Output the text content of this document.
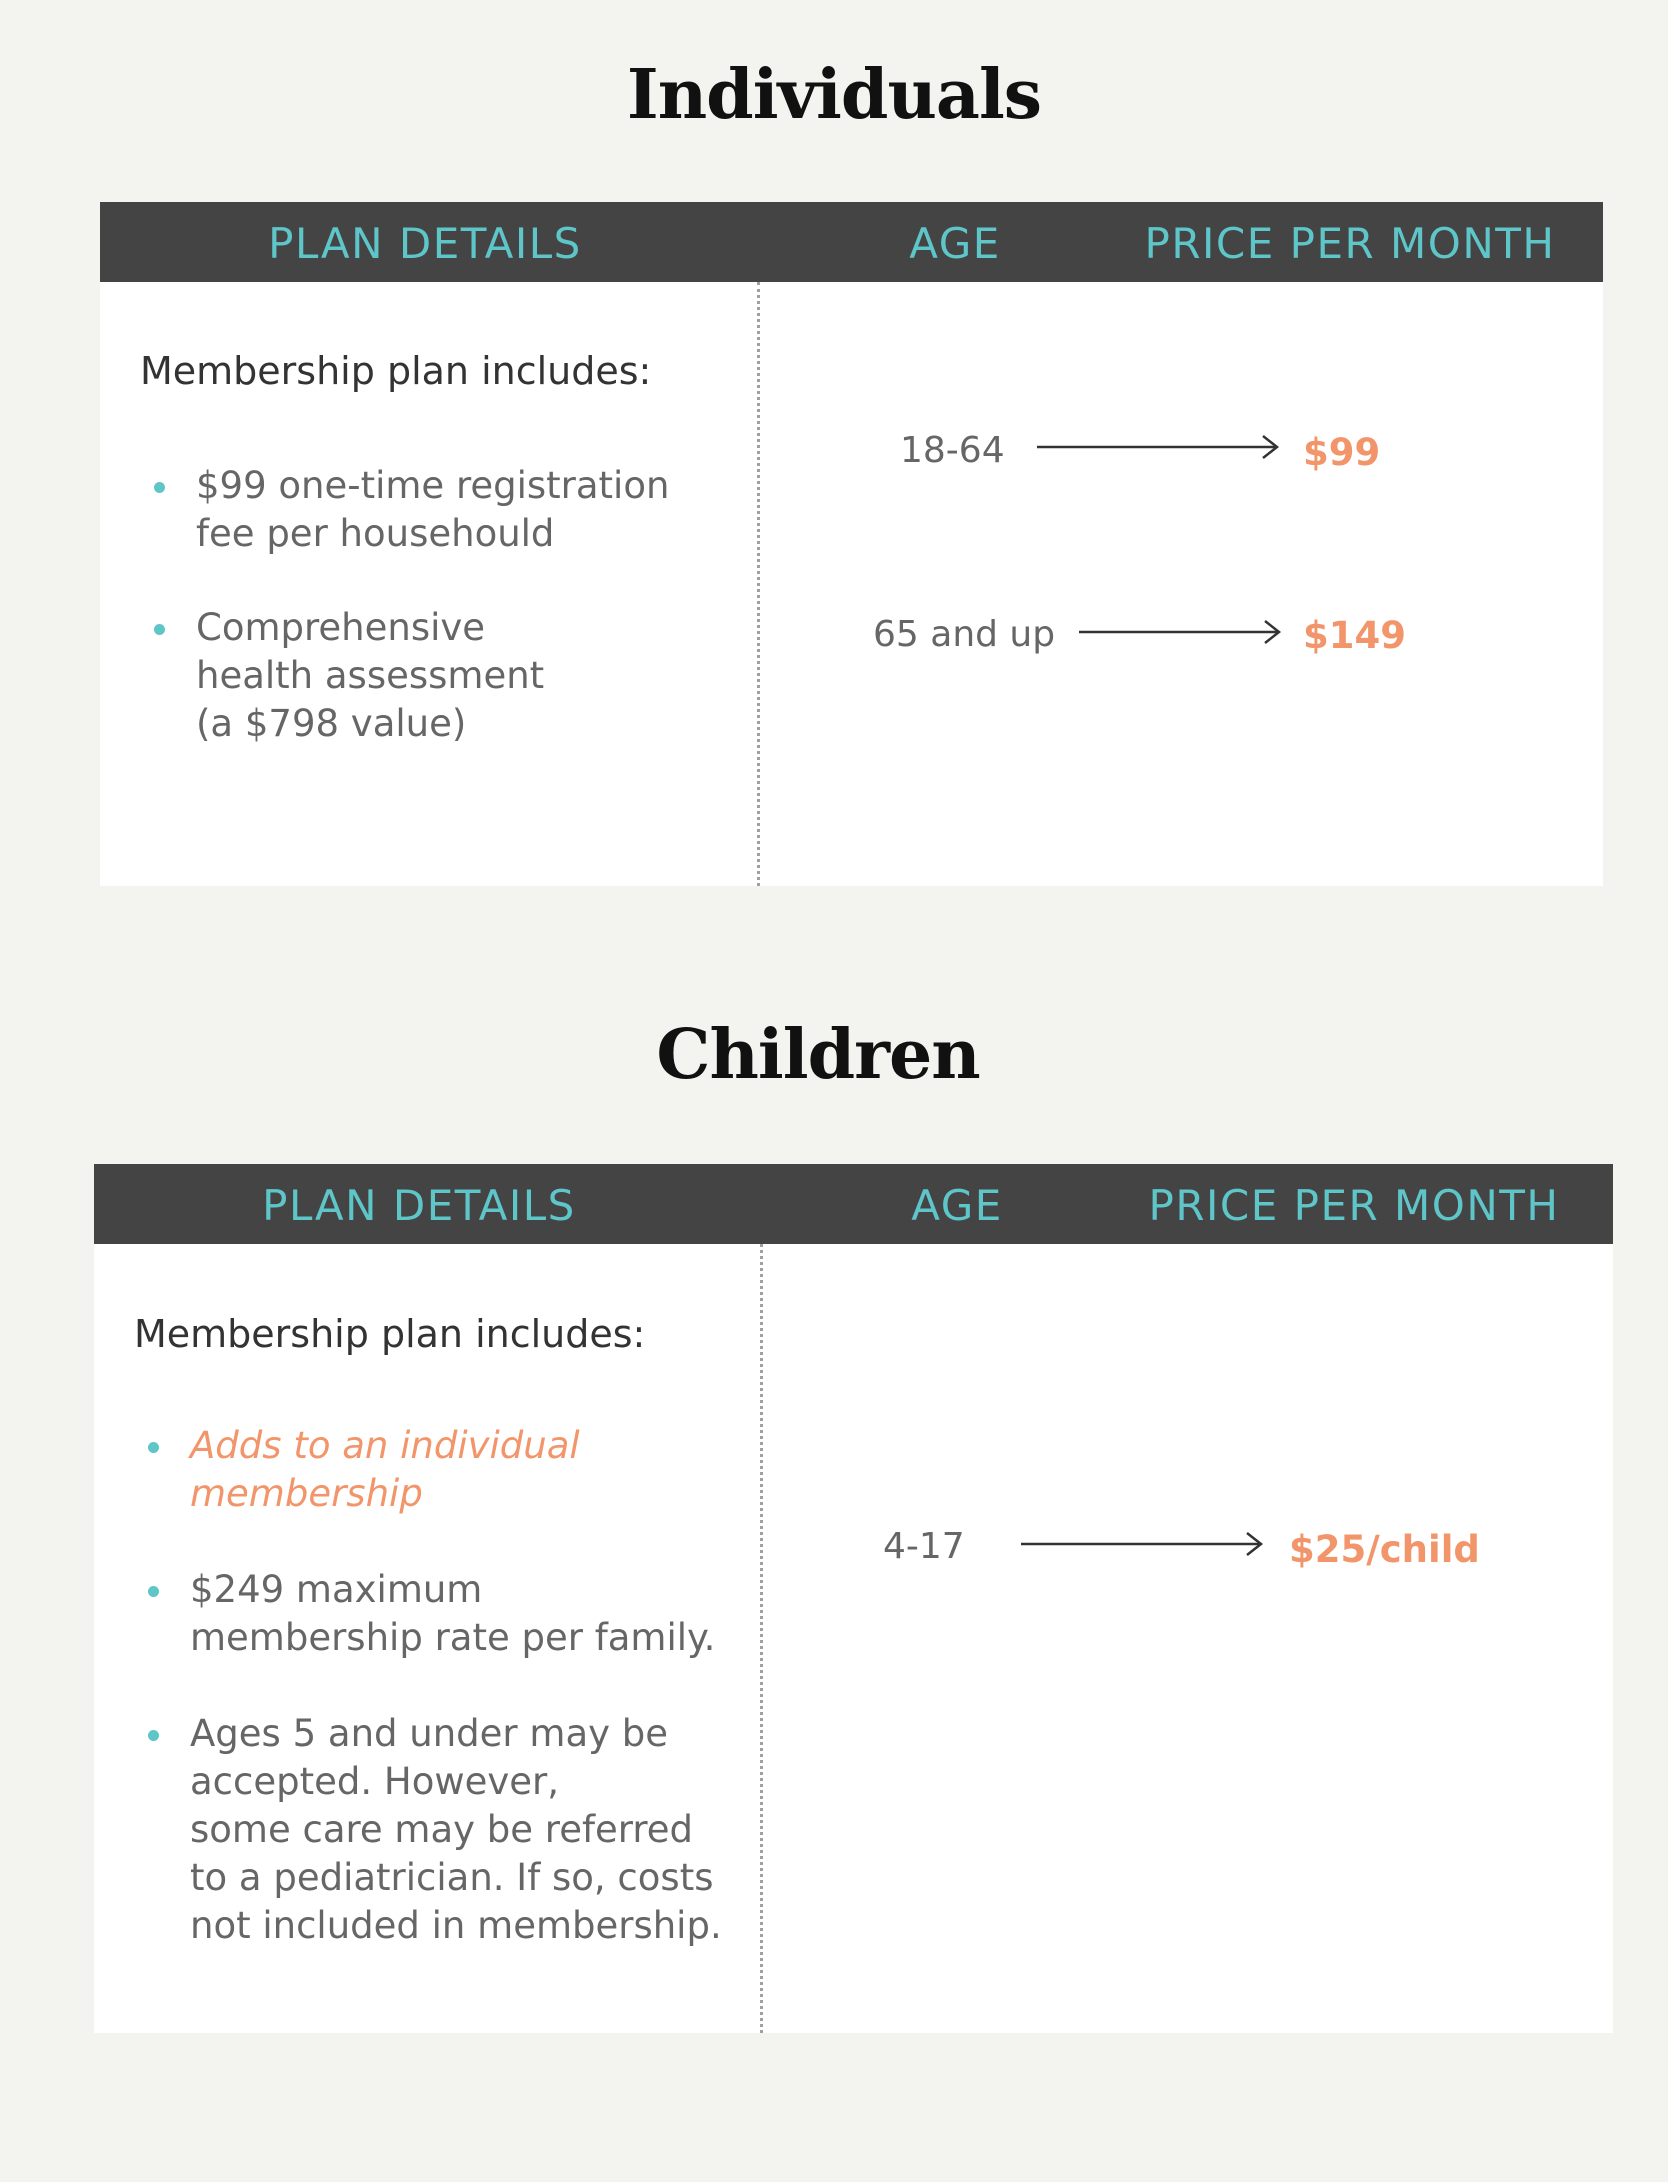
Individuals
PLAN DETAILS	AGE	PRICE PER MONTH
Membership plan includes:
$99 one-time registration
fee per househould
Comprehensive
health assessment
(a $798 value)
18-64	$99
65 and up	$149
Children
PLAN DETAILS	AGE	PRICE PER MONTH
Membership plan includes:
Adds to an individual
membership
$249 maximum
membership rate per family.
Ages 5 and under may be
accepted. However,
some care may be referred
to a pediatrician. If so, costs
not included in membership.
4-17	$25/child
